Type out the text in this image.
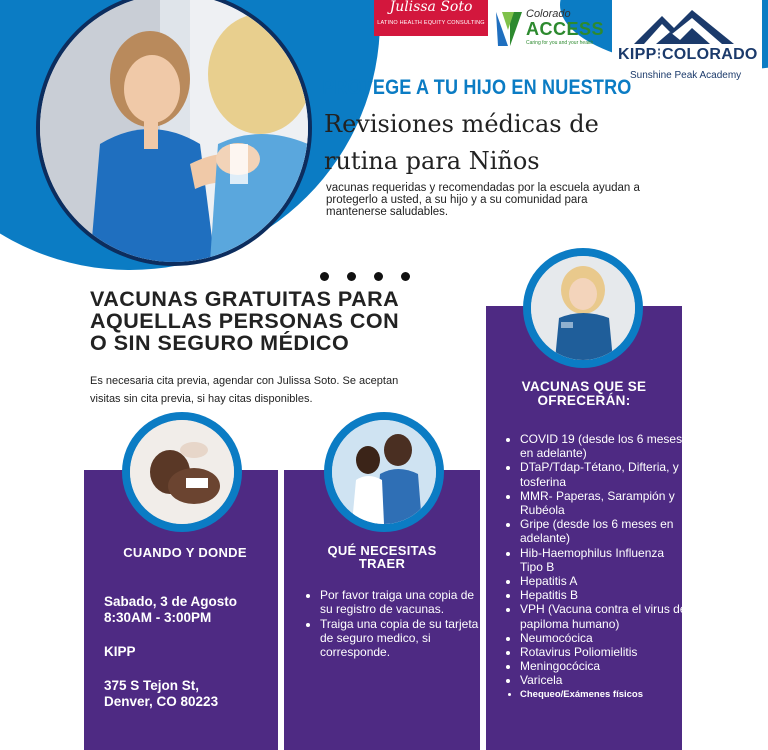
Julissa Soto
LATINO HEALTH EQUITY CONSULTING
Colorado
ACCESS
Caring for you and your health
KIPP⁝COLORADO
Sunshine Peak Academy
PROTEGE A TU HIJO EN NUESTRO
Revisiones médicas de
rutina para Niños
vacunas requeridas y recomendadas por la escuela ayudan a protegerlo a usted, a su hijo y a su comunidad para mantenerse saludables.
VACUNAS GRATUITAS PARA
AQUELLAS PERSONAS CON
O SIN SEGURO MÉDICO
Es necesaria cita previa, agendar con Julissa Soto. Se aceptan visitas sin cita previa, si hay citas disponibles.
CUANDO Y DONDE	QUÉ NECESITAS TRAER
VACUNAS QUE SE OFRECERÁN:
Sabado, 3 de Agosto
8:30AM - 3:00PM
KIPP
375 S Tejon St,
Denver, CO 80223
• Por favor traiga una copia de su registro de vacunas.
• Traiga una copia de su tarjeta de seguro medico, si corresponde.
• COVID 19 (desde los 6 meses en adelante)
• DTaP/Tdap-Tétano, Difteria, y tosferina
• MMR- Paperas, Sarampión y Rubéola
• Gripe (desde los 6 meses en adelante)
• Hib-Haemophilus Influenza Tipo B
• Hepatitis A
• Hepatitis B
• VPH (Vacuna contra el virus del papiloma humano)
• Neumocócica
• Rotavirus Poliomielitis
• Meningocócica
• Varicela
• Chequeo/Exámenes físicos
